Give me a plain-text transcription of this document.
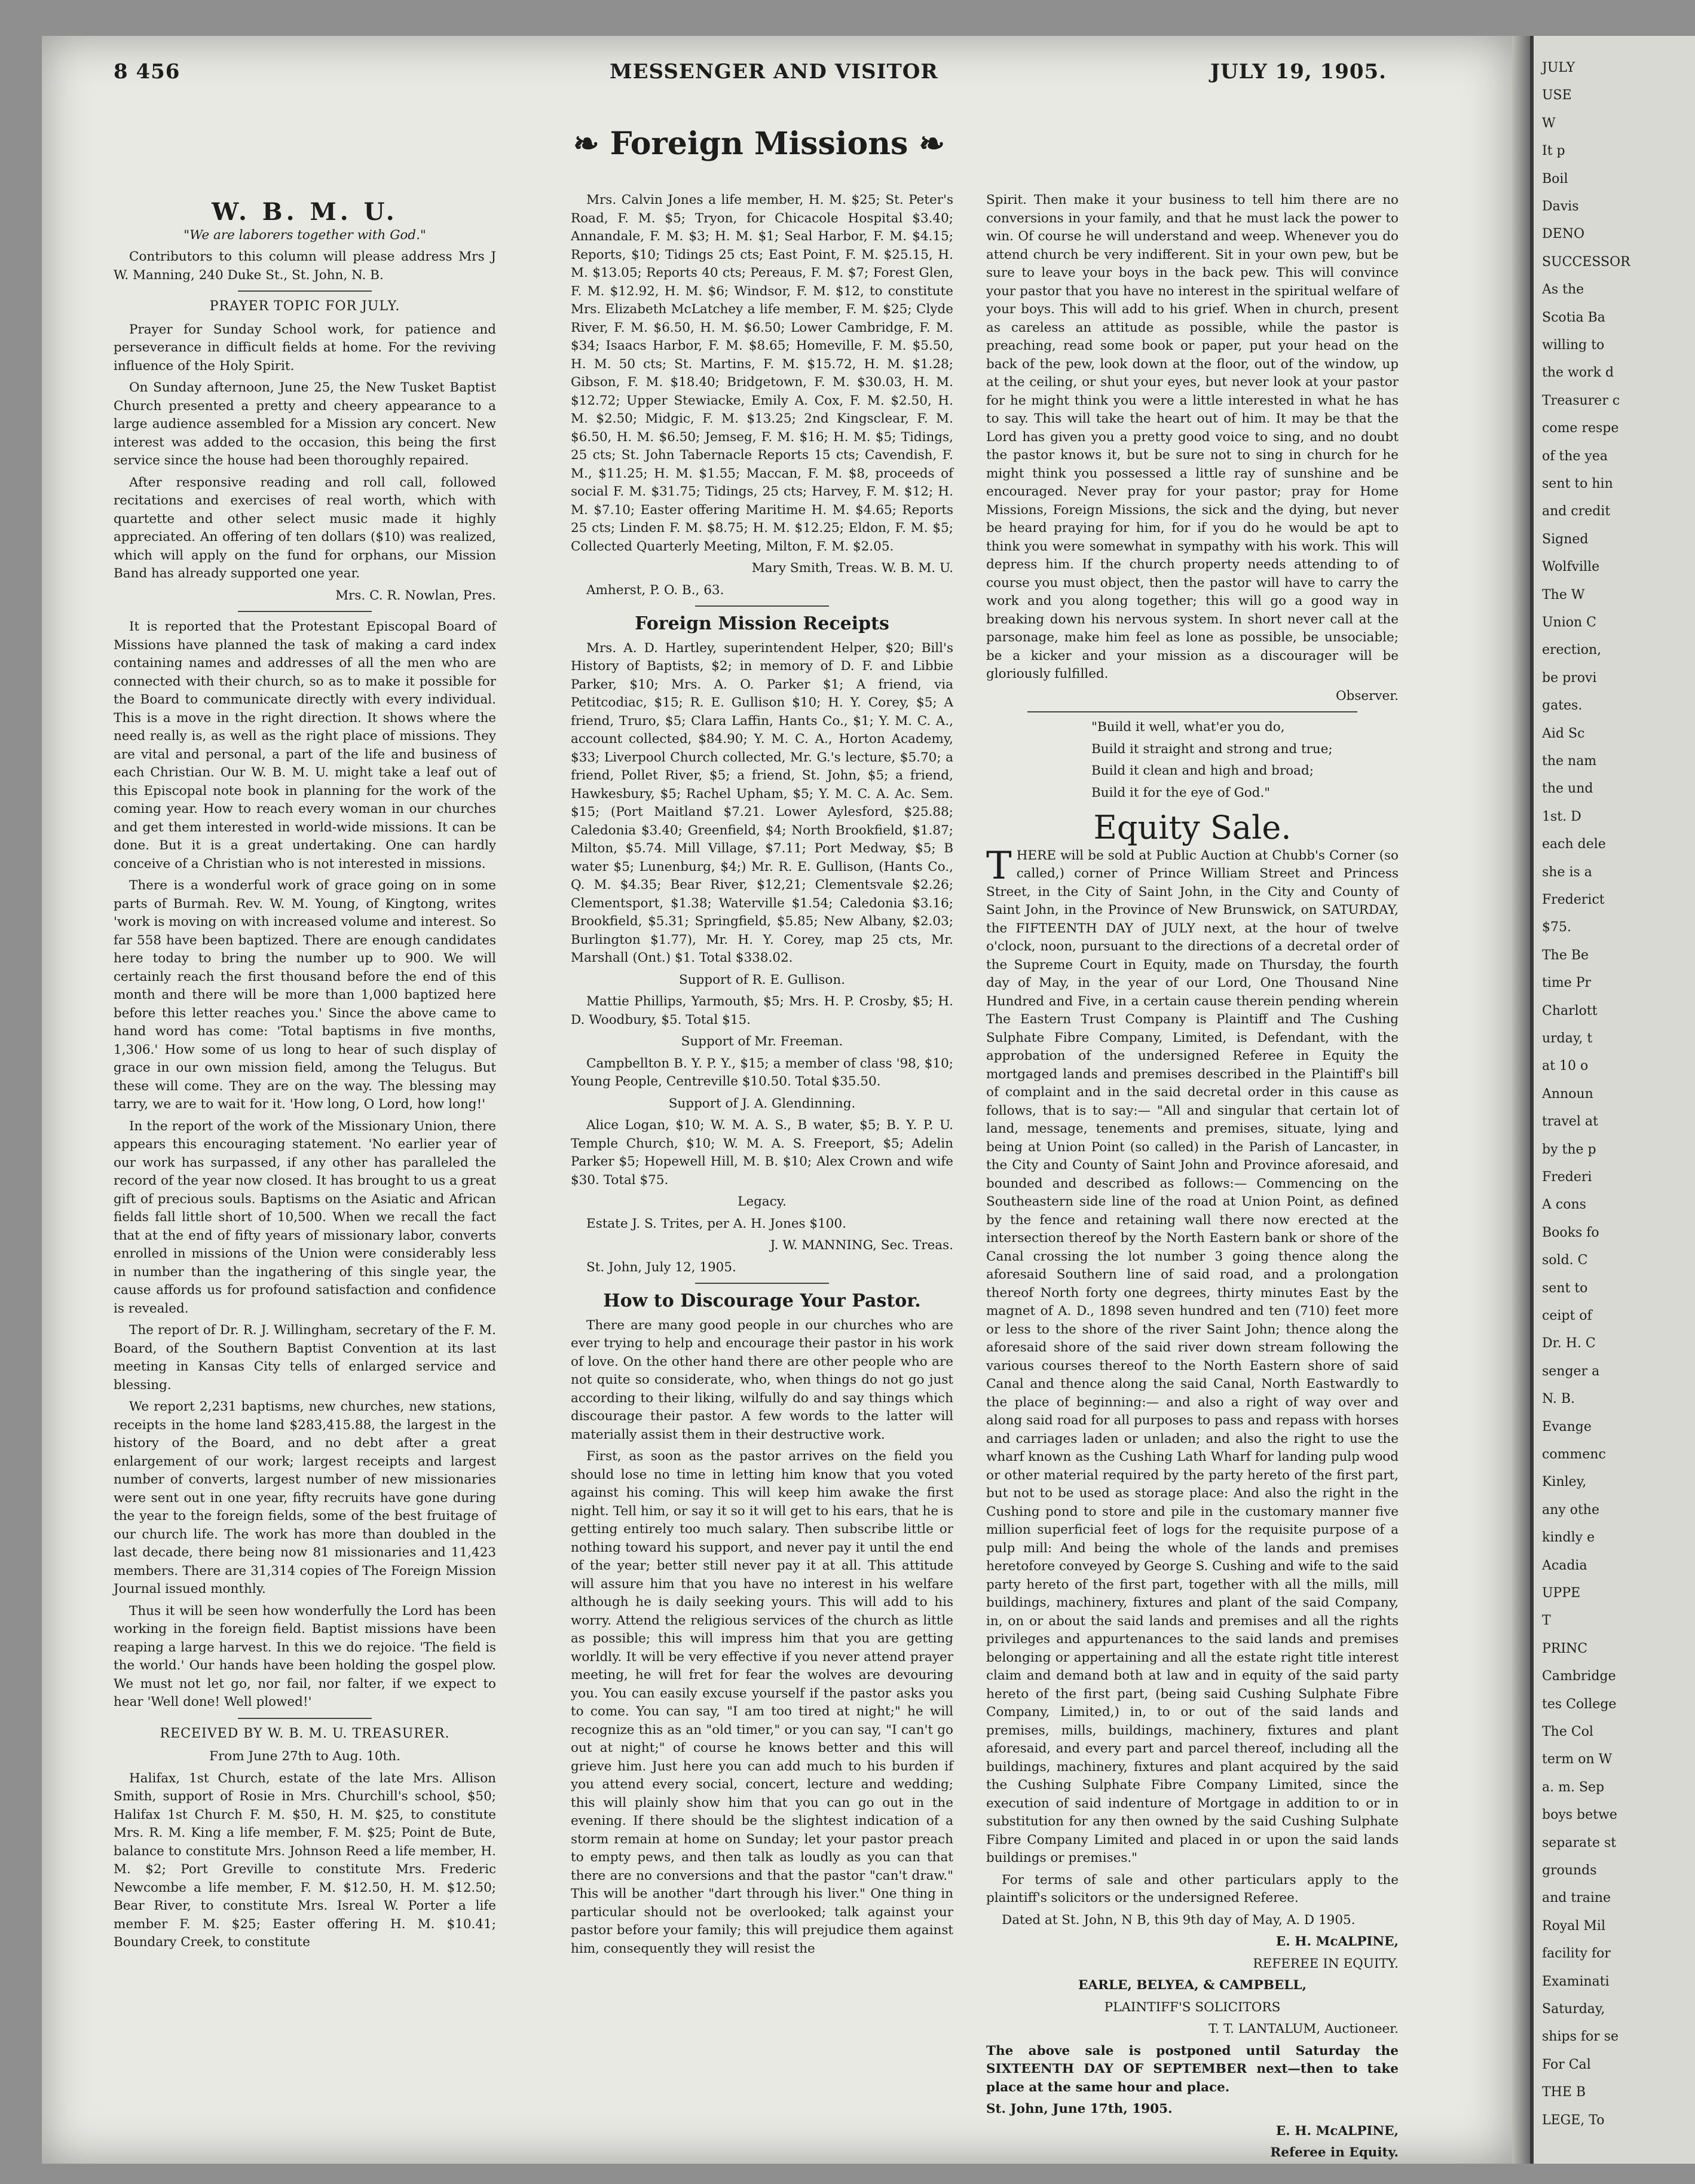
8 456	MESSENGER AND VISITOR	JULY 19, 1905.
❧ Foreign Missions ❧
W. B. M. U.

"We are laborers together with God."

Contributors to this column will please address Mrs J W. Manning, 240 Duke St., St. John, N. B.

PRAYER TOPIC FOR JULY.

Prayer for Sunday School work, for patience and perseverance in difficult fields at home. For the reviving influence of the Holy Spirit.

On Sunday afternoon, June 25, the New Tusket Baptist Church presented a pretty and cheery appearance to a large audience assembled for a Mission ary concert. New interest was added to the occasion, this being the first service since the house had been thoroughly repaired.

After responsive reading and roll call, followed recitations and exercises of real worth, which with quartette and other select music made it highly appreciated. An offering of ten dollars ($10) was realized, which will apply on the fund for orphans, our Mission Band has already supported one year.

Mrs. C. R. Nowlan, Pres.

It is reported that the Protestant Episcopal Board of Missions have planned the task of making a card index containing names and addresses of all the men who are connected with their church, so as to make it possible for the Board to communicate directly with every individual. This is a move in the right direction. It shows where the need really is, as well as the right place of missions. They are vital and personal, a part of the life and business of each Christian. Our W. B. M. U. might take a leaf out of this Episcopal note book in planning for the work of the coming year. How to reach every woman in our churches and get them interested in world-wide missions. It can be done. But it is a great undertaking. One can hardly conceive of a Christian who is not interested in missions.

There is a wonderful work of grace going on in some parts of Burmah. Rev. W. M. Young, of Kingtong, writes 'work is moving on with increased volume and interest. So far 558 have been baptized. There are enough candidates here today to bring the number up to 900. We will certainly reach the first thousand before the end of this month and there will be more than 1,000 baptized here before this letter reaches you.' Since the above came to hand word has come: 'Total baptisms in five months, 1,306.' How some of us long to hear of such display of grace in our own mission field, among the Telugus. But these will come. They are on the way. The blessing may tarry, we are to wait for it. 'How long, O Lord, how long!'

In the report of the work of the Missionary Union, there appears this encouraging statement. 'No earlier year of our work has surpassed, if any other has paralleled the record of the year now closed. It has brought to us a great gift of precious souls. Baptisms on the Asiatic and African fields fall little short of 10,500. When we recall the fact that at the end of fifty years of missionary labor, converts enrolled in missions of the Union were considerably less in number than the ingathering of this single year, the cause affords us for profound satisfaction and confidence is revealed.

The report of Dr. R. J. Willingham, secretary of the F. M. Board, of the Southern Baptist Convention at its last meeting in Kansas City tells of enlarged service and blessing.

We report 2,231 baptisms, new churches, new stations, receipts in the home land $283,415.88, the largest in the history of the Board, and no debt after a great enlargement of our work; largest receipts and largest number of converts, largest number of new missionaries were sent out in one year, fifty recruits have gone during the year to the foreign fields, some of the best fruitage of our church life. The work has more than doubled in the last decade, there being now 81 missionaries and 11,423 members. There are 31,314 copies of The Foreign Mission Journal issued monthly.

Thus it will be seen how wonderfully the Lord has been working in the foreign field. Baptist missions have been reaping a large harvest. In this we do rejoice. 'The field is the world.' Our hands have been holding the gospel plow. We must not let go, nor fail, nor falter, if we expect to hear 'Well done! Well plowed!'

RECEIVED BY W. B. M. U. TREASURER.

From June 27th to Aug. 10th.

Halifax, 1st Church, estate of the late Mrs. Allison Smith, support of Rosie in Mrs. Churchill's school, $50; Halifax 1st Church F. M. $50, H. M. $25, to constitute Mrs. R. M. King a life member, F. M. $25; Point de Bute, balance to constitute Mrs. Johnson Reed a life member, H. M. $2; Port Greville to constitute Mrs. Frederic Newcombe a life member, F. M. $12.50, H. M. $12.50; Bear River, to constitute Mrs. Isreal W. Porter a life member F. M. $25; Easter offering H. M. $10.41; Boundary Creek, to constitute

Mrs. Calvin Jones a life member, H. M. $25; St. Peter's Road, F. M. $5; Tryon, for Chicacole Hospital $3.40; Annandale, F. M. $3; H. M. $1; Seal Harbor, F. M. $4.15; Reports, $10; Tidings 25 cts; East Point, F. M. $25.15, H. M. $13.05; Reports 40 cts; Pereaus, F. M. $7; Forest Glen, F. M. $12.92, H. M. $6; Windsor, F. M. $12, to constitute Mrs. Elizabeth McLatchey a life member, F. M. $25; Clyde River, F. M. $6.50, H. M. $6.50; Lower Cambridge, F. M. $34; Isaacs Harbor, F. M. $8.65; Homeville, F. M. $5.50, H. M. 50 cts; St. Martins, F. M. $15.72, H. M. $1.28; Gibson, F. M. $18.40; Bridgetown, F. M. $30.03, H. M. $12.72; Upper Stewiacke, Emily A. Cox, F. M. $2.50, H. M. $2.50; Midgic, F. M. $13.25; 2nd Kingsclear, F. M. $6.50, H. M. $6.50; Jemseg, F. M. $16; H. M. $5; Tidings, 25 cts; St. John Tabernacle Reports 15 cts; Cavendish, F. M., $11.25; H. M. $1.55; Maccan, F. M. $8, proceeds of social F. M. $31.75; Tidings, 25 cts; Harvey, F. M. $12; H. M. $7.10; Easter offering Maritime H. M. $4.65; Reports 25 cts; Linden F. M. $8.75; H. M. $12.25; Eldon, F. M. $5; Collected Quarterly Meeting, Milton, F. M. $2.05.

Mary Smith, Treas. W. B. M. U.

Amherst, P. O. B., 63.

Foreign Mission Receipts

Mrs. A. D. Hartley, superintendent Helper, $20; Bill's History of Baptists, $2; in memory of D. F. and Libbie Parker, $10; Mrs. A. O. Parker $1; A friend, via Petitcodiac, $15; R. E. Gullison $10; H. Y. Corey, $5; A friend, Truro, $5; Clara Laffin, Hants Co., $1; Y. M. C. A., account collected, $84.90; Y. M. C. A., Horton Academy, $33; Liverpool Church collected, Mr. G.'s lecture, $5.70; a friend, Pollet River, $5; a friend, St. John, $5; a friend, Hawkesbury, $5; Rachel Upham, $5; Y. M. C. A. Ac. Sem. $15; (Port Maitland $7.21. Lower Aylesford, $25.88; Caledonia $3.40; Greenfield, $4; North Brookfield, $1.87; Milton, $5.74. Mill Village, $7.11; Port Medway, $5; B water $5; Lunenburg, $4;) Mr. R. E. Gullison, (Hants Co., Q. M. $4.35; Bear River, $12,21; Clementsvale $2.26; Clementsport, $1.38; Waterville $1.54; Caledonia $3.16; Brookfield, $5.31; Springfield, $5.85; New Albany, $2.03; Burlington $1.77), Mr. H. Y. Corey, map 25 cts, Mr. Marshall (Ont.) $1. Total $338.02.

Support of R. E. Gullison.

Mattie Phillips, Yarmouth, $5; Mrs. H. P. Crosby, $5; H. D. Woodbury, $5. Total $15.

Support of Mr. Freeman.

Campbellton B. Y. P. Y., $15; a member of class '98, $10; Young People, Centreville $10.50. Total $35.50.

Support of J. A. Glendinning.

Alice Logan, $10; W. M. A. S., B water, $5; B. Y. P. U. Temple Church, $10; W. M. A. S. Freeport, $5; Adelin Parker $5; Hopewell Hill, M. B. $10; Alex Crown and wife $30. Total $75.

Legacy.

Estate J. S. Trites, per A. H. Jones $100.

J. W. MANNING, Sec. Treas.

St. John, July 12, 1905.

How to Discourage Your Pastor.

There are many good people in our churches who are ever trying to help and encourage their pastor in his work of love. On the other hand there are other people who are not quite so considerate, who, when things do not go just according to their liking, wilfully do and say things which discourage their pastor. A few words to the latter will materially assist them in their destructive work.

First, as soon as the pastor arrives on the field you should lose no time in letting him know that you voted against his coming. This will keep him awake the first night. Tell him, or say it so it will get to his ears, that he is getting entirely too much salary. Then subscribe little or nothing toward his support, and never pay it until the end of the year; better still never pay it at all. This attitude will assure him that you have no interest in his welfare although he is daily seeking yours. This will add to his worry. Attend the religious services of the church as little as possible; this will impress him that you are getting worldly. It will be very effective if you never attend prayer meeting, he will fret for fear the wolves are devouring you. You can easily excuse yourself if the pastor asks you to come. You can say, "I am too tired at night;" he will recognize this as an "old timer," or you can say, "I can't go out at night;" of course he knows better and this will grieve him. Just here you can add much to his burden if you attend every social, concert, lecture and wedding; this will plainly show him that you can go out in the evening. If there should be the slightest indication of a storm remain at home on Sunday; let your pastor preach to empty pews, and then talk as loudly as you can that there are no conversions and that the pastor "can't draw." This will be another "dart through his liver." One thing in particular should not be overlooked; talk against your pastor before your family; this will prejudice them against him, consequently they will resist the

Spirit. Then make it your business to tell him there are no conversions in your family, and that he must lack the power to win. Of course he will understand and weep. Whenever you do attend church be very indifferent. Sit in your own pew, but be sure to leave your boys in the back pew. This will convince your pastor that you have no interest in the spiritual welfare of your boys. This will add to his grief. When in church, present as careless an attitude as possible, while the pastor is preaching, read some book or paper, put your head on the back of the pew, look down at the floor, out of the window, up at the ceiling, or shut your eyes, but never look at your pastor for he might think you were a little interested in what he has to say. This will take the heart out of him. It may be that the Lord has given you a pretty good voice to sing, and no doubt the pastor knows it, but be sure not to sing in church for he might think you possessed a little ray of sunshine and be encouraged. Never pray for your pastor; pray for Home Missions, Foreign Missions, the sick and the dying, but never be heard praying for him, for if you do he would be apt to think you were somewhat in sympathy with his work. This will depress him. If the church property needs attending to of course you must object, then the pastor will have to carry the work and you along together; this will go a good way in breaking down his nervous system. In short never call at the parsonage, make him feel as lone as possible, be unsociable; be a kicker and your mission as a discourager will be gloriously fulfilled.

Observer.

"Build it well, what'er you do,

Build it straight and strong and true;

Build it clean and high and broad;

Build it for the eye of God."

Equity Sale.

THERE will be sold at Public Auction at Chubb's Corner (so called,) corner of Prince William Street and Princess Street, in the City of Saint John, in the City and County of Saint John, in the Province of New Brunswick, on SATURDAY, the FIFTEENTH DAY of JULY next, at the hour of twelve o'clock, noon, pursuant to the directions of a decretal order of the Supreme Court in Equity, made on Thursday, the fourth day of May, in the year of our Lord, One Thousand Nine Hundred and Five, in a certain cause therein pending wherein The Eastern Trust Company is Plaintiff and The Cushing Sulphate Fibre Company, Limited, is Defendant, with the approbation of the undersigned Referee in Equity the mortgaged lands and premises described in the Plaintiff's bill of complaint and in the said decretal order in this cause as follows, that is to say:— "All and singular that certain lot of land, message, tenements and premises, situate, lying and being at Union Point (so called) in the Parish of Lancaster, in the City and County of Saint John and Province aforesaid, and bounded and described as follows:— Commencing on the Southeastern side line of the road at Union Point, as defined by the fence and retaining wall there now erected at the intersection thereof by the North Eastern bank or shore of the Canal crossing the lot number 3 going thence along the aforesaid Southern line of said road, and a prolongation thereof North forty one degrees, thirty minutes East by the magnet of A. D., 1898 seven hundred and ten (710) feet more or less to the shore of the river Saint John; thence along the aforesaid shore of the said river down stream following the various courses thereof to the North Eastern shore of said Canal and thence along the said Canal, North Eastwardly to the place of beginning:— and also a right of way over and along said road for all purposes to pass and repass with horses and carriages laden or unladen; and also the right to use the wharf known as the Cushing Lath Wharf for landing pulp wood or other material required by the party hereto of the first part, but not to be used as storage place: And also the right in the Cushing pond to store and pile in the customary manner five million superficial feet of logs for the requisite purpose of a pulp mill: And being the whole of the lands and premises heretofore conveyed by George S. Cushing and wife to the said party hereto of the first part, together with all the mills, mill buildings, machinery, fixtures and plant of the said Company, in, on or about the said lands and premises and all the rights privileges and appurtenances to the said lands and premises belonging or appertaining and all the estate right title interest claim and demand both at law and in equity of the said party hereto of the first part, (being said Cushing Sulphate Fibre Company, Limited,) in, to or out of the said lands and premises, mills, buildings, machinery, fixtures and plant aforesaid, and every part and parcel thereof, including all the buildings, machinery, fixtures and plant acquired by the said the Cushing Sulphate Fibre Company Limited, since the execution of said indenture of Mortgage in addition to or in substitution for any then owned by the said Cushing Sulphate Fibre Company Limited and placed in or upon the said lands buildings or premises."

For terms of sale and other particulars apply to the plaintiff's solicitors or the undersigned Referee.

Dated at St. John, N B, this 9th day of May, A. D 1905.

E. H. McALPINE,

REFEREE IN EQUITY.

EARLE, BELYEA, & CAMPBELL,

PLAINTIFF'S SOLICITORS

T. T. LANTALUM, Auctioneer.

The above sale is postponed until Saturday the SIXTEENTH DAY OF SEPTEMBER next—then to take place at the same hour and place.

St. John, June 17th, 1905.

E. H. McALPINE,

Referee in Equity.

JULY
USE
W
It p
Boil
Davis
DENO
SUCCESSOR
As the
Scotia Ba
willing to
the work d
Treasurer c
come respe
of the yea
sent to hin
and credit
Signed
Wolfville
The W
Union C
erection,
be provi
gates.
Aid Sc
the nam
the und
1st. D
each dele
she is a
Frederict
$75.
The Be
time Pr
Charlott
urday, t
at 10 o
Announ
travel at
by the p
Frederi
A cons
Books fo
sold. C
sent to
ceipt of
Dr. H. C
senger a
N. B.
Evange
commenc
Kinley,
any othe
kindly e
Acadia
UPPE
T
PRINC
Cambridge
tes College
The Col
term on W
a. m. Sep
boys betwe
separate st
grounds
and traine
Royal Mil
facility for
Examinati
Saturday,
ships for se
For Cal
THE B
LEGE, To
